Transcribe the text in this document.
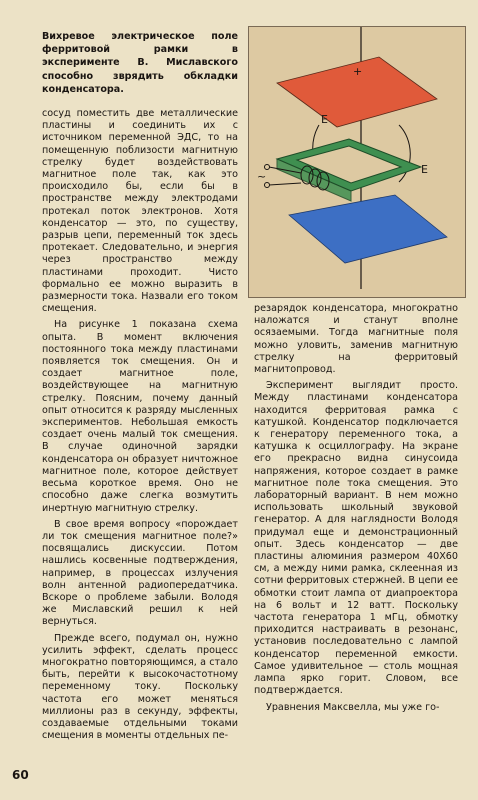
Вихревое электрическое поле ферритовой рамки в эксперименте В. Миславского способно зврядить обкладки конденсатора.
+
E
E
~

сосуд поместить две металлические пластины и соединить их с источником переменной ЭДС, то на помещенную поблизости магнитную стрелку будет воздействовать магнитное поле так, как это происходило бы, если бы в пространстве между электродами протекал поток электронов. Хотя конденсатор — это, по существу, разрыв цепи, переменный ток здесь протекает. Следовательно, и энергия через пространство между пластинами проходит. Чисто формально ее можно выразить в размерности тока. Назвали его током смещения.

На рисунке 1 показана схема опыта. В момент включения постоянного тока между пластинами появляется ток смещения. Он и создает магнитное поле, воздействующее на магнитную стрелку. Поясним, почему данный опыт относится к разряду мысленных экспериментов. Небольшая емкость создает очень малый ток смещения. В случае одиночной зарядки конденсатора он образует ничтожное магнитное поле, которое действует весьма короткое время. Оно не способно даже слегка возмутить инертную магнитную стрелку.

В свое время вопросу «порождает ли ток смещения магнитное поле?» посвящались дискуссии. Потом нашлись косвенные подтверждения, например, в процессах излучения волн антенной радиопередатчика. Вскоре о проблеме забыли. Володя же Миславский решил к ней вернуться.

Прежде всего, подумал он, нужно усилить эффект, сделать процесс многократно повторяющимся, а стало быть, перейти к высокочастотному переменному току. Поскольку частота его может меняться миллионы раз в секунду, эффекты, создаваемые отдельными токами смещения в моменты отдельных пе-

резарядок конденсатора, многократно наложатся и станут вполне осязаемыми. Тогда магнитные поля можно уловить, заменив магнитную стрелку на ферритовый магнитопровод.

Эксперимент выглядит просто. Между пластинами конденсатора находится ферритовая рамка с катушкой. Конденсатор подключается к генератору переменного тока, а катушка к осциллографу. На экране его прекрасно видна синусоида напряжения, которое создает в рамке магнитное поле тока смещения. Это лабораторный вариант. В нем можно использовать школьный звуковой генератор. А для наглядности Володя придумал еще и демонстрационный опыт. Здесь конденсатор — две пластины алюминия размером 40Х60 см, а между ними рамка, склеенная из сотни ферритовых стержней. В цепи ее обмотки стоит лампа от диапроектора на 6 вольт и 12 ватт. Поскольку частота генератора 1 мГц, обмотку приходится настраивать в резонанс, установив последовательно с лампой конденсатор переменной емкости. Самое удивительное — столь мощная лампа ярко горит. Словом, все подтверждается.

Уравнения Максвелла, мы уже го-

60
